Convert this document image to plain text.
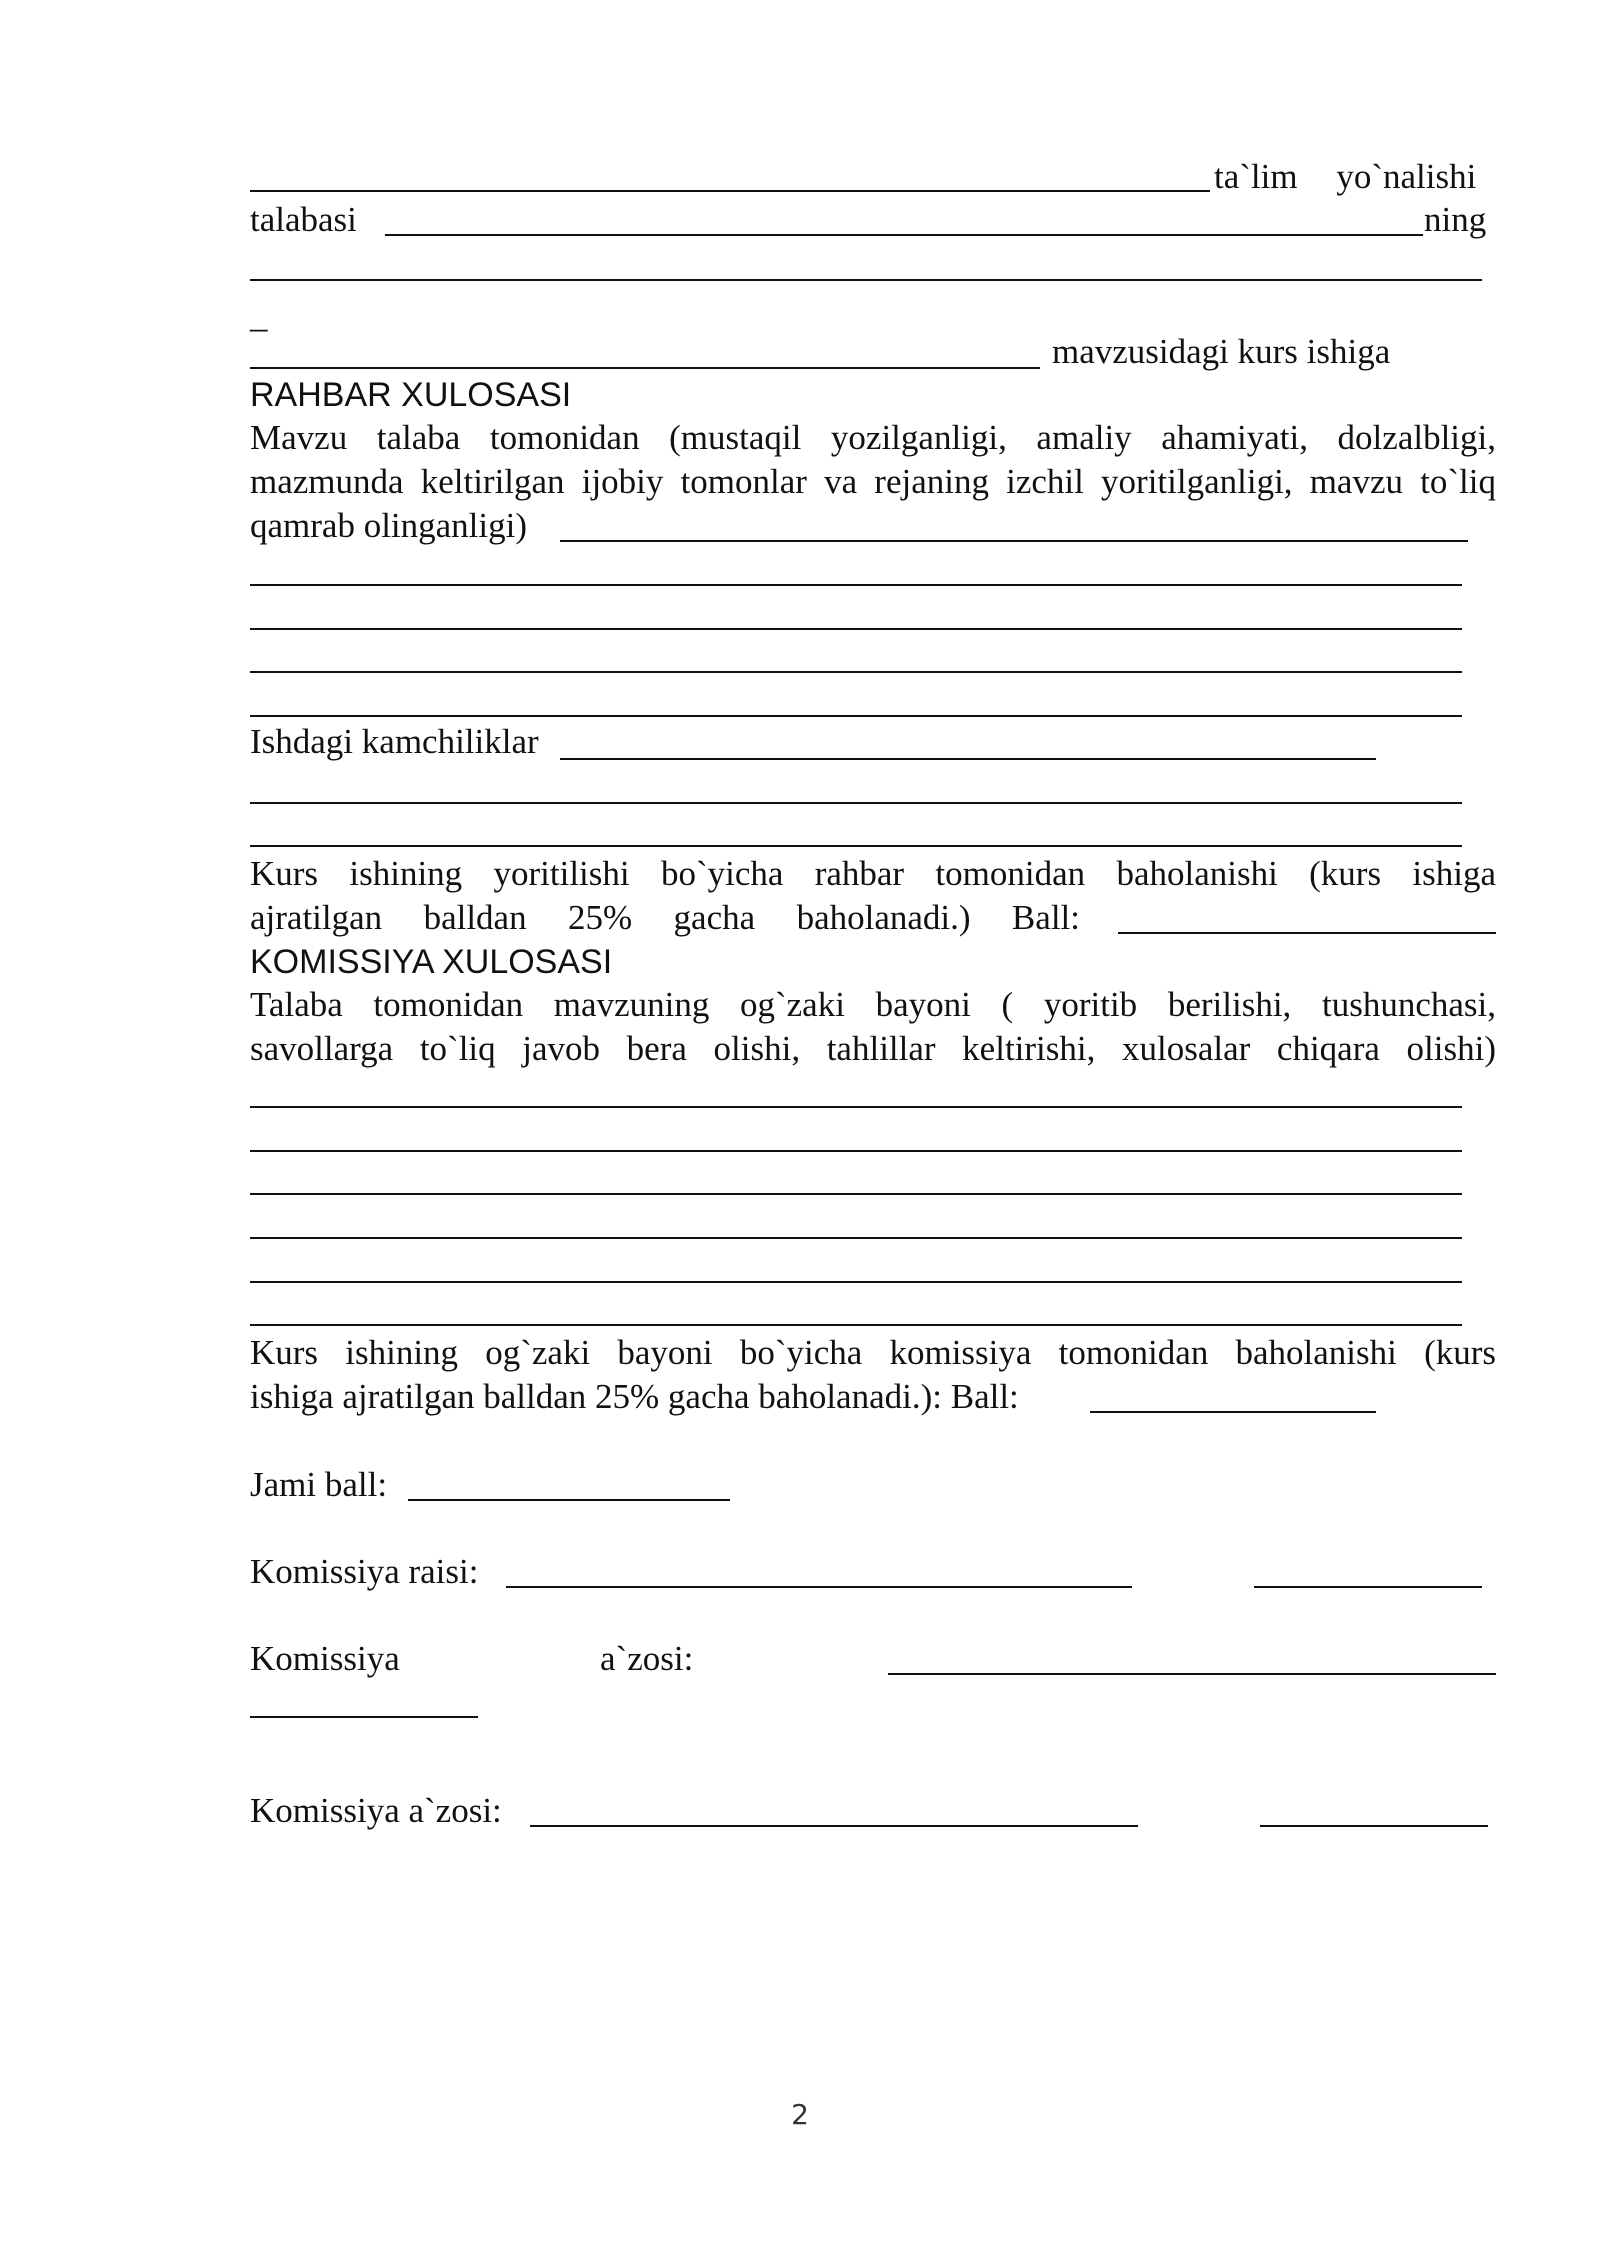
ta`lim yo`nalishi
talabasi	ning
_
mavzusidagi kurs ishiga
RAHBAR XULOSASI
Mavzu talaba tomonidan (mustaqil yozilganligi, amaliy ahamiyati, dolzalbligi,
mazmunda keltirilgan ijobiy tomonlar va rejaning izchil yoritilganligi, mavzu to`liq
qamrab olinganligi)
Ishdagi kamchiliklar
Kurs ishining yoritilishi bo`yicha rahbar tomonidan baholanishi (kurs ishiga
ajratilgan balldan 25% gacha baholanadi.) Ball:
KOMISSIYA XULOSASI
Talaba tomonidan mavzuning og`zaki bayoni ( yoritib berilishi, tushunchasi,
savollarga to`liq javob bera olishi, tahlillar keltirishi, xulosalar chiqara olishi)
Kurs ishining og`zaki bayoni bo`yicha komissiya tomonidan baholanishi (kurs
ishiga ajratilgan balldan 25% gacha baholanadi.): Ball:
Jami ball:
Komissiya raisi:
Komissiya	a`zosi:
Komissiya a`zosi:
2
